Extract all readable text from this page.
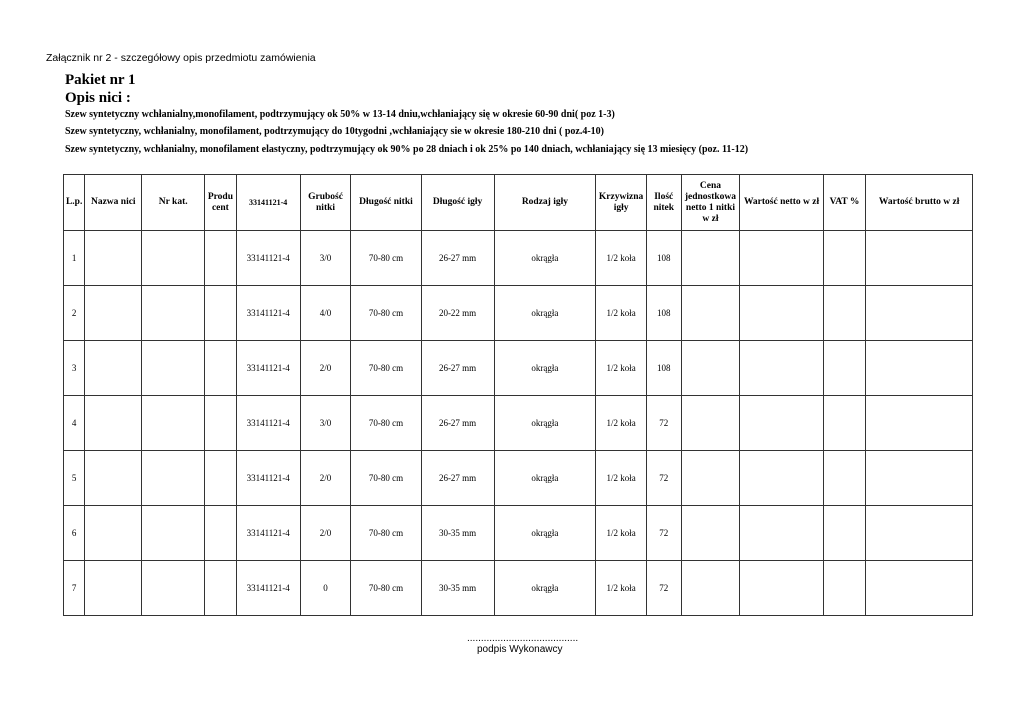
Załącznik nr 2 - szczegółowy opis przedmiotu zamówienia
Pakiet nr 1
Opis nici :
Szew syntetyczny wchłanialny,monofilament, podtrzymujący ok 50% w 13-14 dniu,wchłaniający się w okresie 60-90 dni( poz 1-3)
Szew syntetyczny, wchłanialny, monofilament, podtrzymujący do 10tygodni ,wchłaniający sie w okresie 180-210 dni ( poz.4-10)
Szew syntetyczny, wchłanialny, monofilament elastyczny, podtrzymujący ok 90% po 28 dniach i ok 25% po 140 dniach, wchłaniający się 13 miesięcy (poz. 11-12)
L.p.	Nazwa nici	Nr kat.	Produ cent	33141121-4	Grubość nitki	Długość nitki	Długość igły	Rodzaj igły	Krzywizna igły	Ilość nitek	Cena jednostkowa netto 1 nitki w zł	Wartość netto w zł	VAT %	Wartość brutto w zł
1				33141121-4	3/0	70-80 cm	26-27 mm	okrągła	1/2 koła	108				
2				33141121-4	4/0	70-80 cm	20-22 mm	okrągła	1/2 koła	108				
3				33141121-4	2/0	70-80 cm	26-27 mm	okrągła	1/2 koła	108				
4				33141121-4	3/0	70-80 cm	26-27 mm	okrągła	1/2 koła	72				
5				33141121-4	2/0	70-80 cm	26-27 mm	okrągła	1/2 koła	72				
6				33141121-4	2/0	70-80 cm	30-35 mm	okrągła	1/2 koła	72				
7				33141121-4	0	70-80 cm	30-35 mm	okrągła	1/2 koła	72				
........................................
podpis Wykonawcy
